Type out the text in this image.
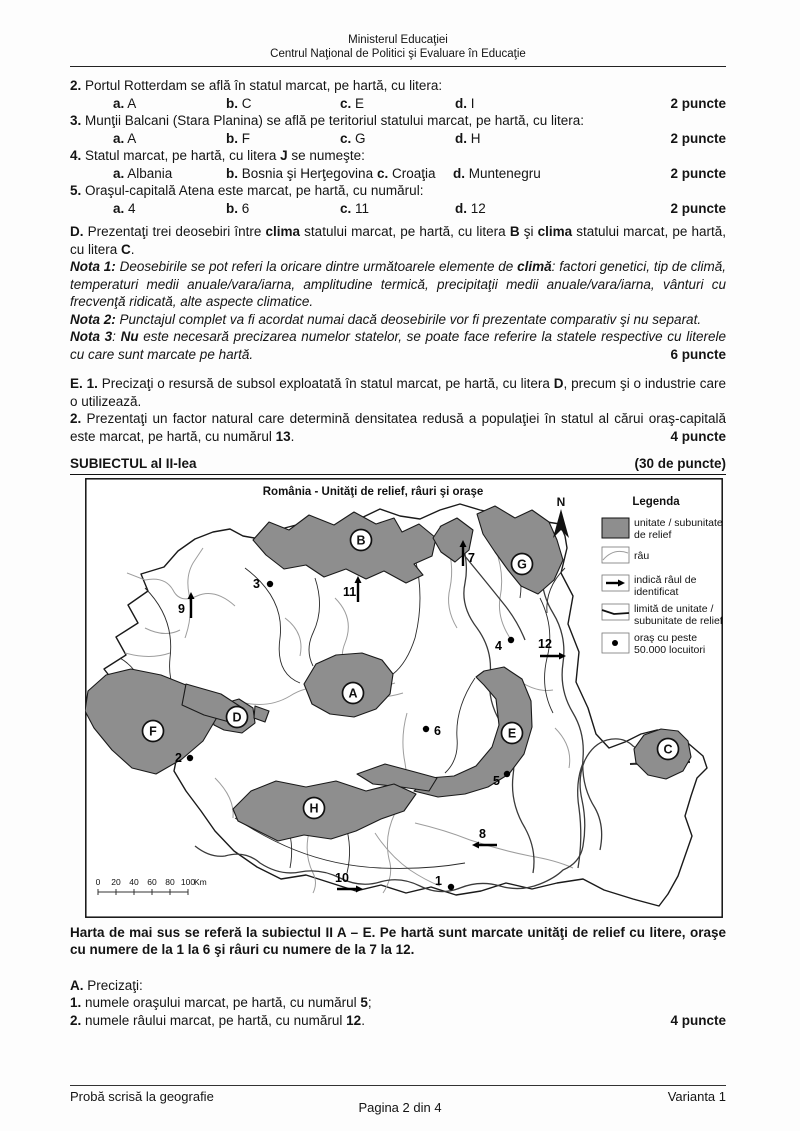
Ministerul Educaţiei
Centrul Naţional de Politici şi Evaluare în Educaţie
2. Portul Rotterdam se află în statul marcat, pe hartă, cu litera:
a. A	b. C	c. E	d. I	2 puncte
3. Munţii Balcani (Stara Planina) se află pe teritoriul statului marcat, pe hartă, cu litera:
a. A	b. F	c. G	d. H	2 puncte
4. Statul marcat, pe hartă, cu litera J se numeşte:
a. Albania	b. Bosnia şi Herţegovina c. Croaţia	d. Muntenegru	2 puncte
5. Oraşul-capitală Atena este marcat, pe hartă, cu numărul:
a. 4	b. 6	c. 11	d. 12	2 puncte
D. Prezentaţi trei deosebiri între clima statului marcat, pe hartă, cu litera B şi clima statului marcat, pe hartă, cu litera C.
Nota 1: Deosebirile se pot referi la oricare dintre următoarele elemente de climă: factori genetici, tip de climă, temperaturi medii anuale/vara/iarna, amplitudine termică, precipitaţii medii anuale/vara/iarna, vânturi cu frecvenţă ridicată, alte aspecte climatice.
Nota 2: Punctajul complet va fi acordat numai dacă deosebirile vor fi prezentate comparativ şi nu separat.
Nota 3: Nu este necesară precizarea numelor statelor, se poate face referire la statele respective cu literele cu care sunt marcate pe hartă.	6 puncte
E. 1. Precizaţi o resursă de subsol exploatată în statul marcat, pe hartă, cu litera D, precum şi o industrie care o utilizează.
2. Prezentaţi un factor natural care determină densitatea redusă a populaţiei în statul al cărui oraş-capitală este marcat, pe hartă, cu numărul 13.	4 puncte
SUBIECTUL al II-lea	(30 de puncte)
România - Unităţi de relief, râuri şi oraşe
N	Legenda
unitate / subunitate
de relief
râu
indică râul de
identificat
limită de unitate /
subunitate de relief
oraş cu peste
50.000 locuitori
0 20 40 60 80 100
Km
A
B
C
D
E
F
G
H
1
2
3
4
5
6
7
8
9
10
11
12
Harta de mai sus se referă la subiectul II A – E. Pe hartă sunt marcate unităţi de relief cu litere, oraşe cu numere de la 1 la 6 şi râuri cu numere de la 7 la 12.
A. Precizaţi:
1. numele oraşului marcat, pe hartă, cu numărul 5;
2. numele râului marcat, pe hartă, cu numărul 12.	4 puncte
Probă scrisă la geografie	Varianta 1
Pagina 2 din 4
